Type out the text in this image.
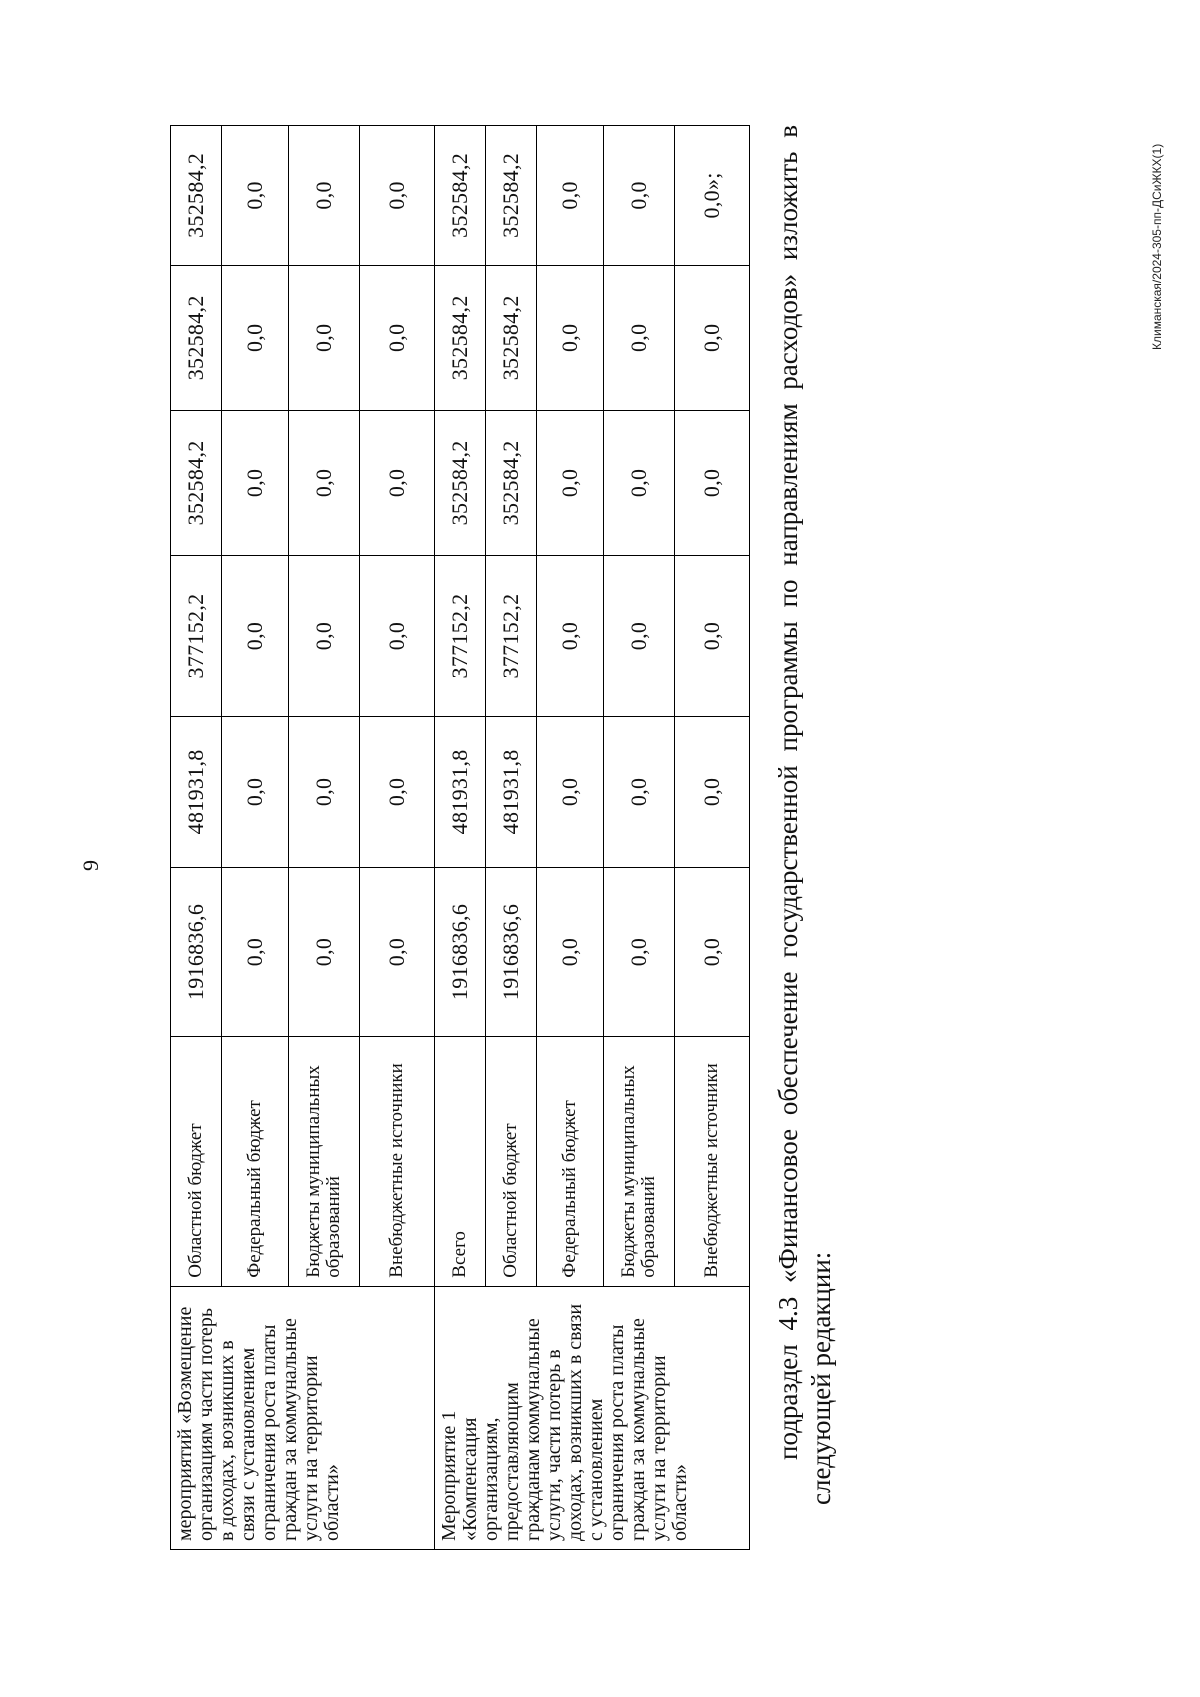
9
мероприятий «Возмещение организациям части потерь в доходах, возникших в связи с установлением ограничения роста платы граждан за коммунальные услуги на территории области»	Областной бюджет	1916836,6	481931,8	377152,2	352584,2	352584,2	352584,2
	Федеральный бюджет	0,0	0,0	0,0	0,0	0,0	0,0
	Бюджеты муниципальных образований	0,0	0,0	0,0	0,0	0,0	0,0
	Внебюджетные источники	0,0	0,0	0,0	0,0	0,0	0,0
Мероприятие 1 «Компенсация организациям, предоставляющим гражданам коммунальные услуги, части потерь в доходах, возникших в связи с установлением ограничения роста платы граждан за коммунальные услуги на территории области»	Всего	1916836,6	481931,8	377152,2	352584,2	352584,2	352584,2
	Областной бюджет	1916836,6	481931,8	377152,2	352584,2	352584,2	352584,2
	Федеральный бюджет	0,0	0,0	0,0	0,0	0,0	0,0
	Бюджеты муниципальных образований	0,0	0,0	0,0	0,0	0,0	0,0
	Внебюджетные источники	0,0	0,0	0,0	0,0	0,0	0,0»; подраздел 4.3 «Финансовое обеспечение государственной программы по направлениям расходов» изложить в следующей редакции:

Климанская/2024-305-пп-ДСиЖКХ(1)
